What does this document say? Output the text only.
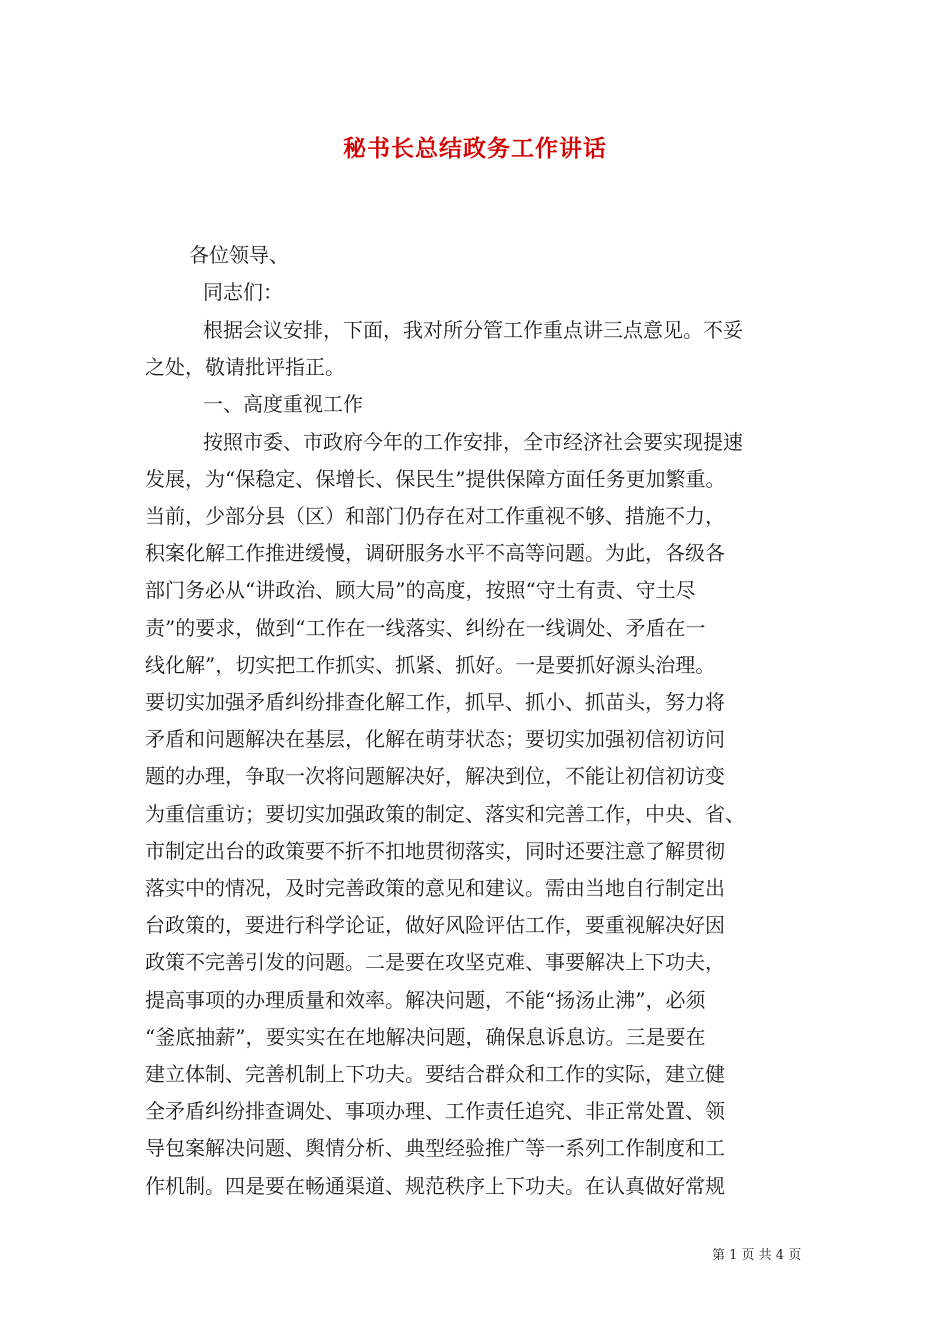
秘书长总结政务工作讲话

各位领导、

同志们：

根据会议安排，下面，我对所分管工作重点讲三点意见。不妥

之处，敬请批评指正。

一、高度重视工作

按照市委、市政府今年的工作安排，全市经济社会要实现提速

发展，为“保稳定、保增长、保民生”提供保障方面任务更加繁重。

当前，少部分县（区）和部门仍存在对工作重视不够、措施不力，

积案化解工作推进缓慢，调研服务水平不高等问题。为此，各级各

部门务必从“讲政治、顾大局”的高度，按照“守土有责、守土尽

责”的要求，做到“工作在一线落实、纠纷在一线调处、矛盾在一

线化解”，切实把工作抓实、抓紧、抓好。一是要抓好源头治理。

要切实加强矛盾纠纷排查化解工作，抓早、抓小、抓苗头，努力将

矛盾和问题解决在基层，化解在萌芽状态；要切实加强初信初访问

题的办理，争取一次将问题解决好，解决到位，不能让初信初访变

为重信重访；要切实加强政策的制定、落实和完善工作，中央、省、

市制定出台的政策要不折不扣地贯彻落实，同时还要注意了解贯彻

落实中的情况，及时完善政策的意见和建议。需由当地自行制定出

台政策的，要进行科学论证，做好风险评估工作，要重视解决好因

政策不完善引发的问题。二是要在攻坚克难、事要解决上下功夫，

提高事项的办理质量和效率。解决问题，不能“扬汤止沸”，必须

“釜底抽薪”，要实实在在地解决问题，确保息诉息访。三是要在

建立体制、完善机制上下功夫。要结合群众和工作的实际，建立健

全矛盾纠纷排查调处、事项办理、工作责任追究、非正常处置、领

导包案解决问题、舆情分析、典型经验推广等一系列工作制度和工

作机制。四是要在畅通渠道、规范秩序上下功夫。在认真做好常规

第 1 页 共 4 页
